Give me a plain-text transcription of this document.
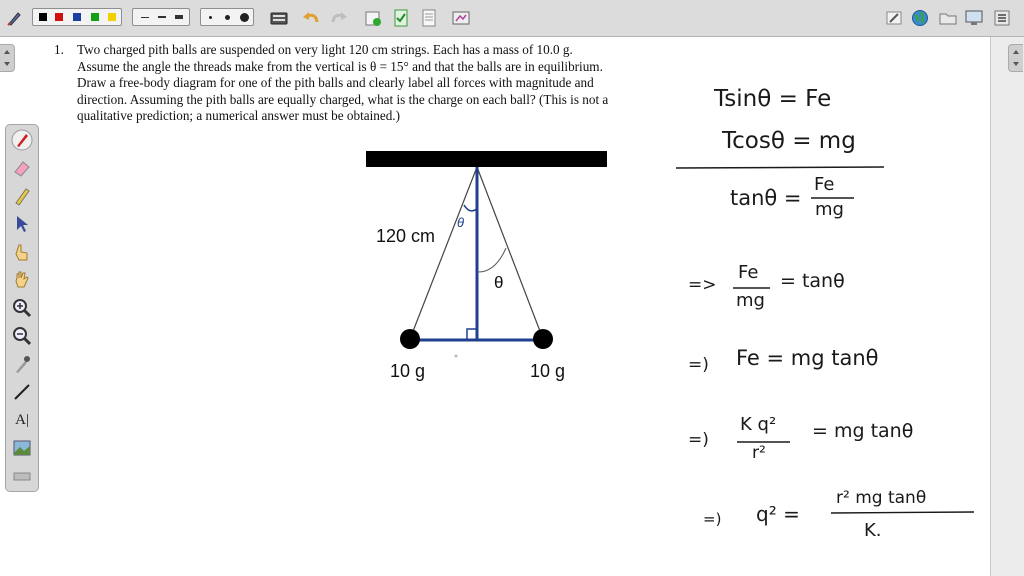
A|
1. Two charged pith balls are suspended on very light 120 cm strings. Each has a mass of 10.0 g. Assume the angle the threads make from the vertical is θ = 15° and that the balls are in equilibrium. Draw a free-body diagram for one of the pith balls and clearly label all forces with magnitude and direction. Assuming the pith balls are equally charged, what is the charge on each ball? (This is not a qualitative prediction; a numerical answer must be obtained.)
θ
θ
120 cm
10 g	10 g
Tsinθ = Fe
Tcosθ = mg
tanθ =
Fe
mg
=>
Fe
mg
= tanθ
=) Fe = mg tanθ
=)
K q²
r²
= mg tanθ
=) q² =
r² mg tanθ
K.
